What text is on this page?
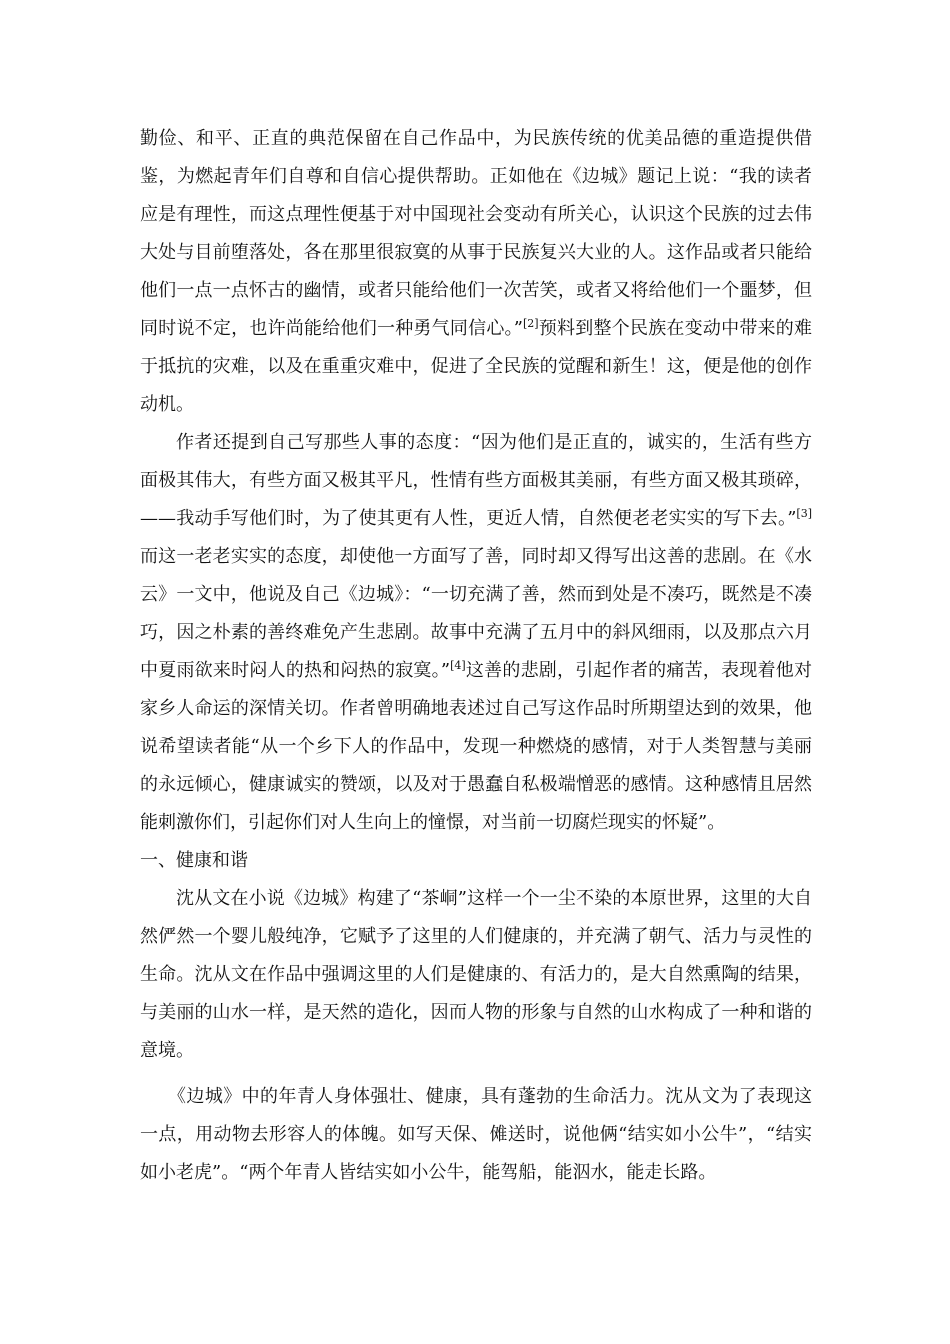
勤俭、和平、正直的典范保留在自己作品中，为民族传统的优美品德的重造提供借鉴，为燃起青年们自尊和自信心提供帮助。正如他在《边城》题记上说：“我的读者应是有理性，而这点理性便基于对中国现社会变动有所关心，认识这个民族的过去伟大处与目前堕落处，各在那里很寂寞的从事于民族复兴大业的人。这作品或者只能给他们一点一点怀古的幽情，或者只能给他们一次苦笑，或者又将给他们一个噩梦，但同时说不定，也许尚能给他们一种勇气同信心。”[2]预料到整个民族在变动中带来的难于抵抗的灾难，以及在重重灾难中，促进了全民族的觉醒和新生！这，便是他的创作动机。

作者还提到自己写那些人事的态度：“因为他们是正直的，诚实的，生活有些方面极其伟大，有些方面又极其平凡，性情有些方面极其美丽，有些方面又极其琐碎，——我动手写他们时，为了使其更有人性，更近人情，自然便老老实实的写下去。”[3]而这一老老实实的态度，却使他一方面写了善，同时却又得写出这善的悲剧。在《水云》一文中，他说及自己《边城》：“一切充满了善，然而到处是不凑巧，既然是不凑巧，因之朴素的善终难免产生悲剧。故事中充满了五月中的斜风细雨，以及那点六月中夏雨欲来时闷人的热和闷热的寂寞。”[4]这善的悲剧，引起作者的痛苦，表现着他对家乡人命运的深情关切。作者曾明确地表述过自己写这作品时所期望达到的效果，他说希望读者能“从一个乡下人的作品中，发现一种燃烧的感情，对于人类智慧与美丽的永远倾心，健康诚实的赞颂，以及对于愚蠢自私极端憎恶的感情。这种感情且居然能刺激你们，引起你们对人生向上的憧憬，对当前一切腐烂现实的怀疑”。

一、健康和谐

沈从文在小说《边城》构建了“茶峒”这样一个一尘不染的本原世界，这里的大自然俨然一个婴儿般纯净，它赋予了这里的人们健康的，并充满了朝气、活力与灵性的生命。沈从文在作品中强调这里的人们是健康的、有活力的，是大自然熏陶的结果，与美丽的山水一样，是天然的造化，因而人物的形象与自然的山水构成了一种和谐的意境。

《边城》中的年青人身体强壮、健康，具有蓬勃的生命活力。沈从文为了表现这一点，用动物去形容人的体魄。如写天保、傩送时，说他俩“结实如小公牛”，“结实如小老虎”。“两个年青人皆结实如小公牛，能驾船，能泅水，能走长路。
